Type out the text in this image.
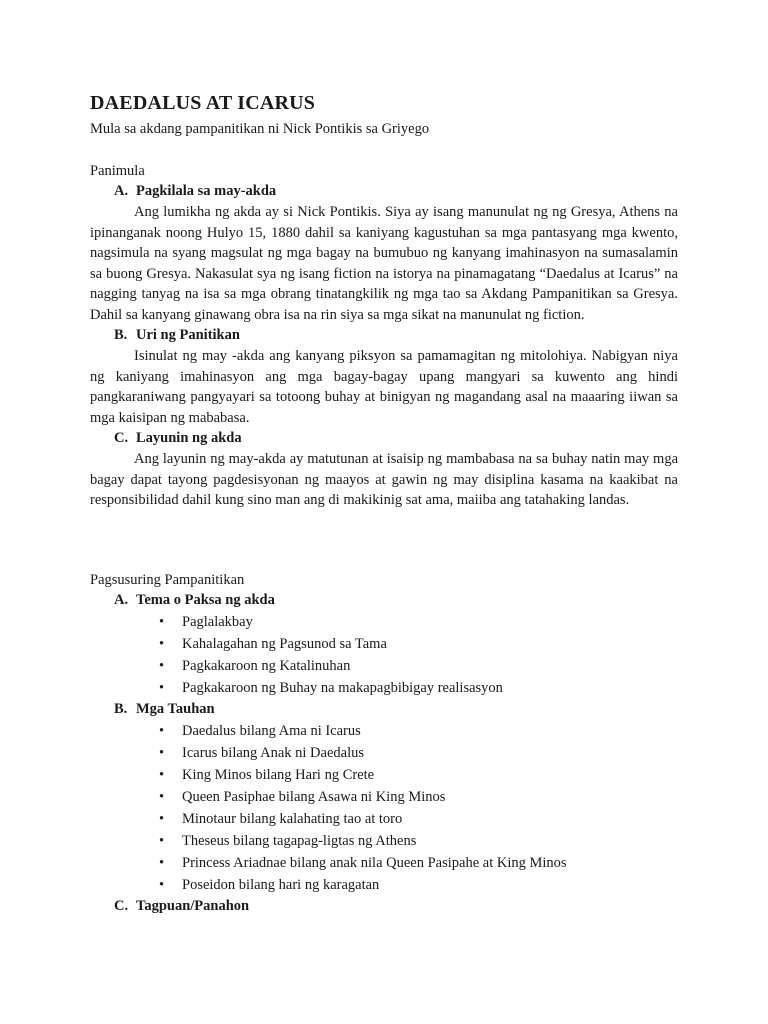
DAEDALUS AT ICARUS

Mula sa akdang pampanitikan ni Nick Pontikis sa Griyego

Panimula

A. Pagkilala sa may-akda

Ang lumikha ng akda ay si Nick Pontikis. Siya ay isang manunulat ng ng Gresya, Athens na ipinanganak noong Hulyo 15, 1880 dahil sa kaniyang kagustuhan sa mga pantasyang mga kwento, nagsimula na syang magsulat ng mga bagay na bumubuo ng kanyang imahinasyon na sumasalamin sa buong Gresya. Nakasulat sya ng isang fiction na istorya na pinamagatang “Daedalus at Icarus” na nagging tanyag na isa sa mga obrang tinatangkilik ng mga tao sa Akdang Pampanitikan sa Gresya. Dahil sa kanyang ginawang obra isa na rin siya sa mga sikat na manunulat ng fiction.

B. Uri ng Panitikan

Isinulat ng may -akda ang kanyang piksyon sa pamamagitan ng mitolohiya. Nabigyan niya ng kaniyang imahinasyon ang mga bagay-bagay upang mangyari sa kuwento ang hindi pangkaraniwang pangyayari sa totoong buhay at binigyan ng magandang asal na maaaring iiwan sa mga kaisipan ng mababasa.

C. Layunin ng akda

Ang layunin ng may-akda ay matutunan at isaisip ng mambabasa na sa buhay natin may mga bagay dapat tayong pagdesisyonan ng maayos at gawin ng may disiplina kasama na kaakibat na responsibilidad dahil kung sino man ang di makikinig sat ama, maiiba ang tatahaking landas.

Pagsusuring Pampanitikan

A. Tema o Paksa ng akda
•	Paglalakbay
•	Kahalagahan ng Pagsunod sa Tama
•	Pagkakaroon ng Katalinuhan
•	Pagkakaroon ng Buhay na makapagbibigay realisasyon
B. Mga Tauhan
•	Daedalus bilang Ama ni Icarus
•	Icarus bilang Anak ni Daedalus
•	King Minos bilang Hari ng Crete
•	Queen Pasiphae bilang Asawa ni King Minos
•	Minotaur bilang kalahating tao at toro
•	Theseus bilang tagapag-ligtas ng Athens
•	Princess Ariadnae bilang anak nila Queen Pasipahe at King Minos
•	Poseidon bilang hari ng karagatan
C. Tagpuan/Panahon
